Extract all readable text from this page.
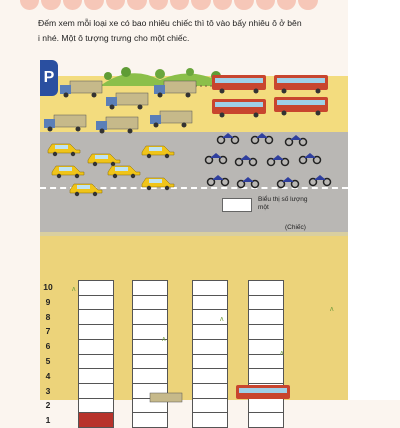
Đếm xem mỗi loại xe có bao nhiêu chiếc thì tô vào bấy nhiêu ô ở bên
i nhé. Một ô tượng trưng cho một chiếc.
P
Biểu thị số lượng một
(Chiếc)
10
9
8
7
6
5
4
3
2
1
ᴧ
ᴧ
ᴧ
ᴧ
ᴧ
